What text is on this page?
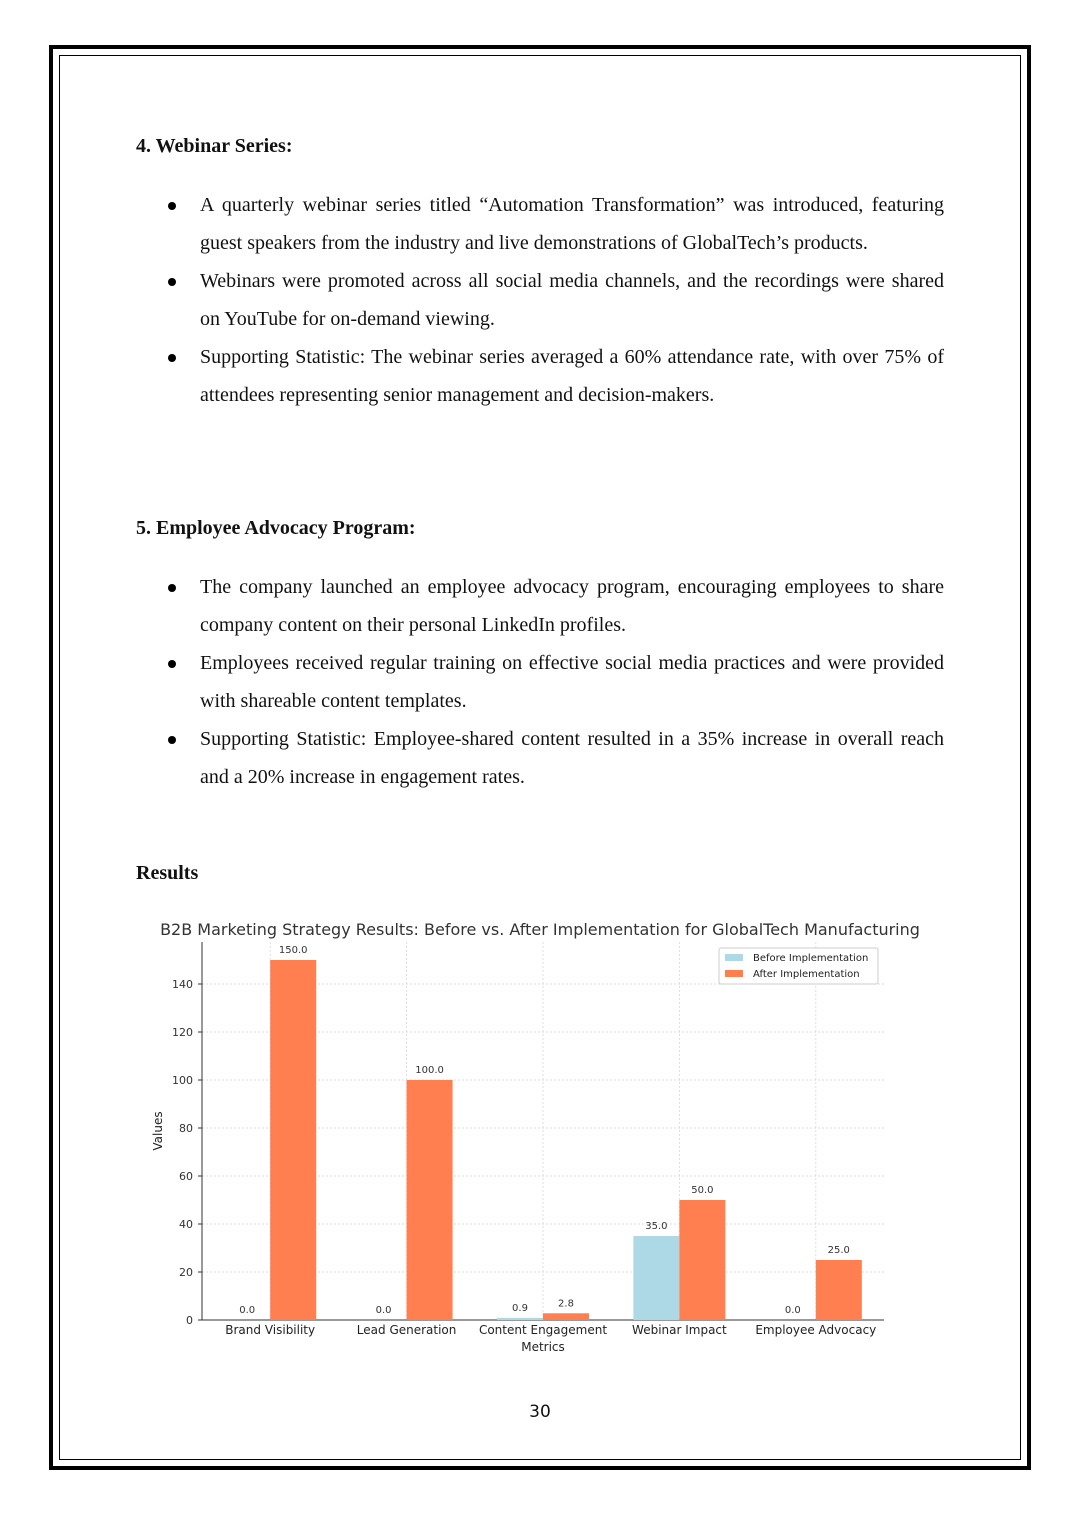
4. Webinar Series:
A quarterly webinar series titled “Automation Transformation” was introduced, featuring guest speakers from the industry and live demonstrations of GlobalTech’s products.
Webinars were promoted across all social media channels, and the recordings were shared on YouTube for on-demand viewing.
Supporting Statistic: The webinar series averaged a 60% attendance rate, with over 75% of attendees representing senior management and decision-makers.
5. Employee Advocacy Program:
The company launched an employee advocacy program, encouraging employees to share company content on their personal LinkedIn profiles.
Employees received regular training on effective social media practices and were provided with shareable content templates.
Supporting Statistic: Employee-shared content resulted in a 35% increase in overall reach and a 20% increase in engagement rates.
Results
B2B Marketing Strategy Results: Before vs. After Implementation for GlobalTech Manufacturing
0
20
40
60
80
100
120
140
0.0
150.0
Brand Visibility
0.0
100.0
Lead Generation
0.9	2.8
Content Engagement
35.0
50.0
Webinar Impact
0.0
25.0
Employee Advocacy
Metrics
Values
Before Implementation
After Implementation
30
